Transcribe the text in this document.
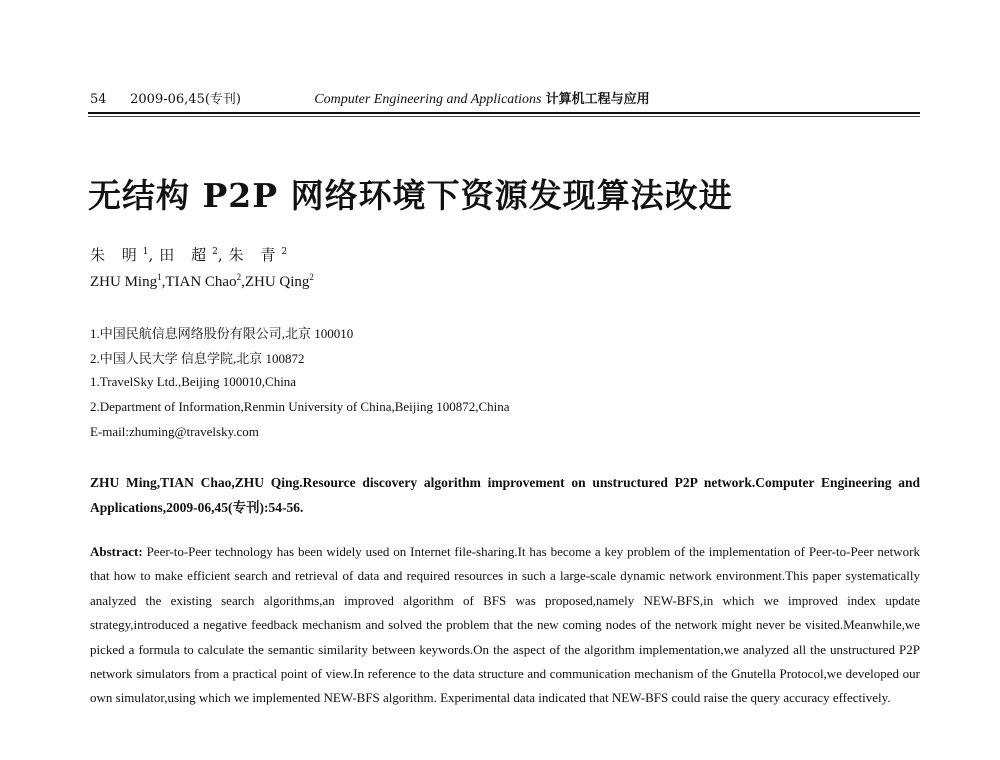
54 2009-06,45(专刊)	Computer Engineering and Applications 计算机工程与应用
无结构 P2P 网络环境下资源发现算法改进
朱 明$^1$,田 超$^2$,朱 青$^2$
ZHU Ming$^1$,TIAN Chao$^2$,ZHU Qing$^2$
1.中国民航信息网络股份有限公司,北京 100010
2.中国人民大学 信息学院,北京 100872
1.TravelSky Ltd.,Beijing 100010,China
2.Department of Information,Renmin University of China,Beijing 100872,China
E-mail:zhuming@travelsky.com
ZHU Ming,TIAN Chao,ZHU Qing.Resource discovery algorithm improvement on unstructured P2P network.Computer Engineering and Applications,2009-06,45(专刊):54-56.
Abstract: Peer-to-Peer technology has been widely used on Internet file-sharing.It has become a key problem of the implementation of Peer-to-Peer network that how to make efficient search and retrieval of data and required resources in such a large-scale dynamic network environment.This paper systematically analyzed the existing search algorithms,an improved algorithm of BFS was proposed,namely NEW-BFS,in which we improved index update strategy,introduced a negative feedback mechanism and solved the problem that the new coming nodes of the network might never be visited.Meanwhile,we picked a formula to calculate the semantic similarity between keywords.On the aspect of the algorithm implementation,we analyzed all the unstructured P2P network simulators from a practical point of view.In reference to the data structure and communication mechanism of the Gnutella Protocol,we developed our own simulator,using which we implemented NEW-BFS algorithm. Experimental data indicated that NEW-BFS could raise the query accuracy effectively.
